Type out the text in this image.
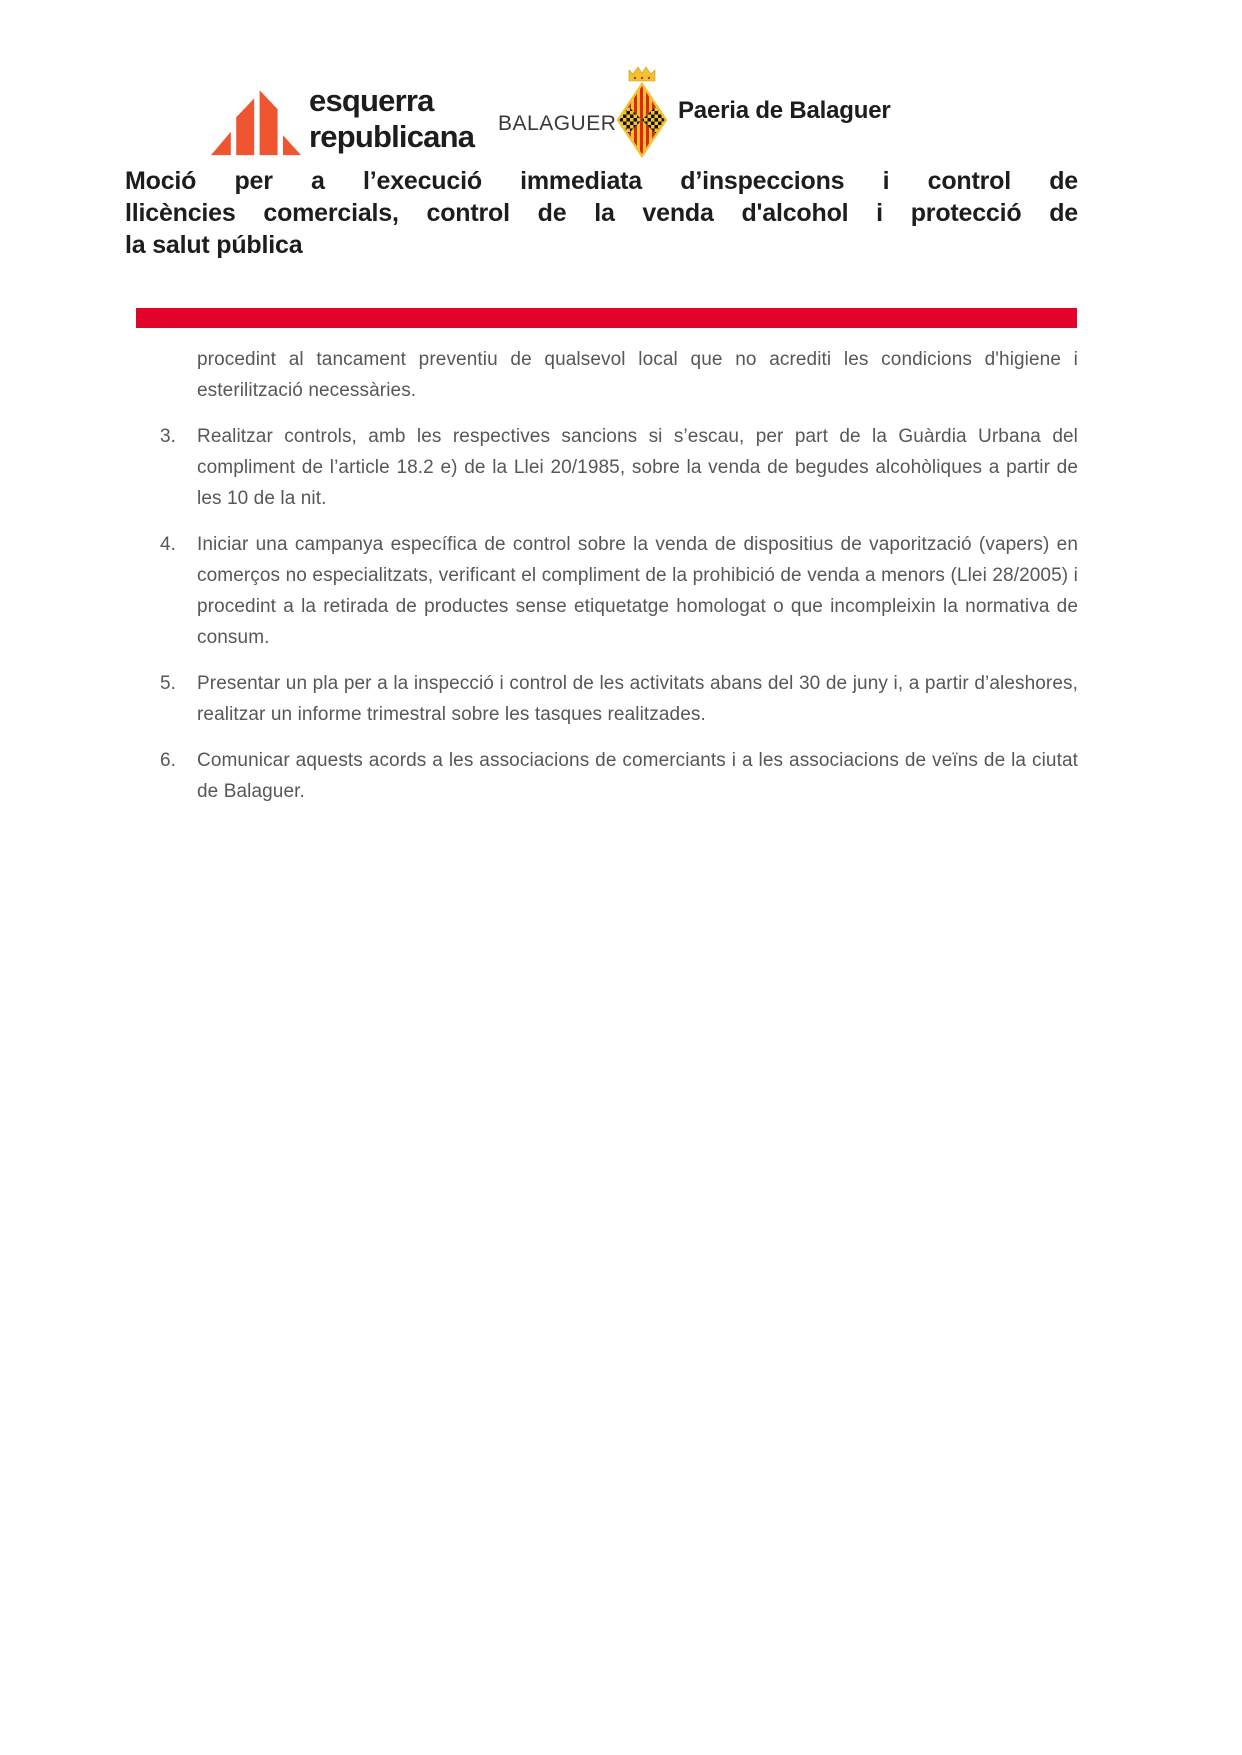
esquerra
republicana BALAGUER	Paeria de Balaguer
Moció per a l’execució immediata d’inspeccions i control de
llicències comercials, control de la venda d'alcohol i protecció de
la salut pública

procedint al tancament preventiu de qualsevol local que no acrediti les condicions d'higiene i esterilització necessàries.

3.	Realitzar controls, amb les respectives sancions si s’escau, per part de la Guàrdia Urbana del compliment de l’article 18.2 e) de la Llei 20/1985, sobre la venda de begudes alcohòliques a partir de les 10 de la nit.
4.	Iniciar una campanya específica de control sobre la venda de dispositius de vaporització (vapers) en comerços no especialitzats, verificant el compliment de la prohibició de venda a menors (Llei 28/2005) i procedint a la retirada de productes sense etiquetatge homologat o que incompleixin la normativa de consum.
5.	Presentar un pla per a la inspecció i control de les activitats abans del 30 de juny i, a partir d’aleshores, realitzar un informe trimestral sobre les tasques realitzades.
6.	Comunicar aquests acords a les associacions de comerciants i a les associacions de veïns de la ciutat de Balaguer.
